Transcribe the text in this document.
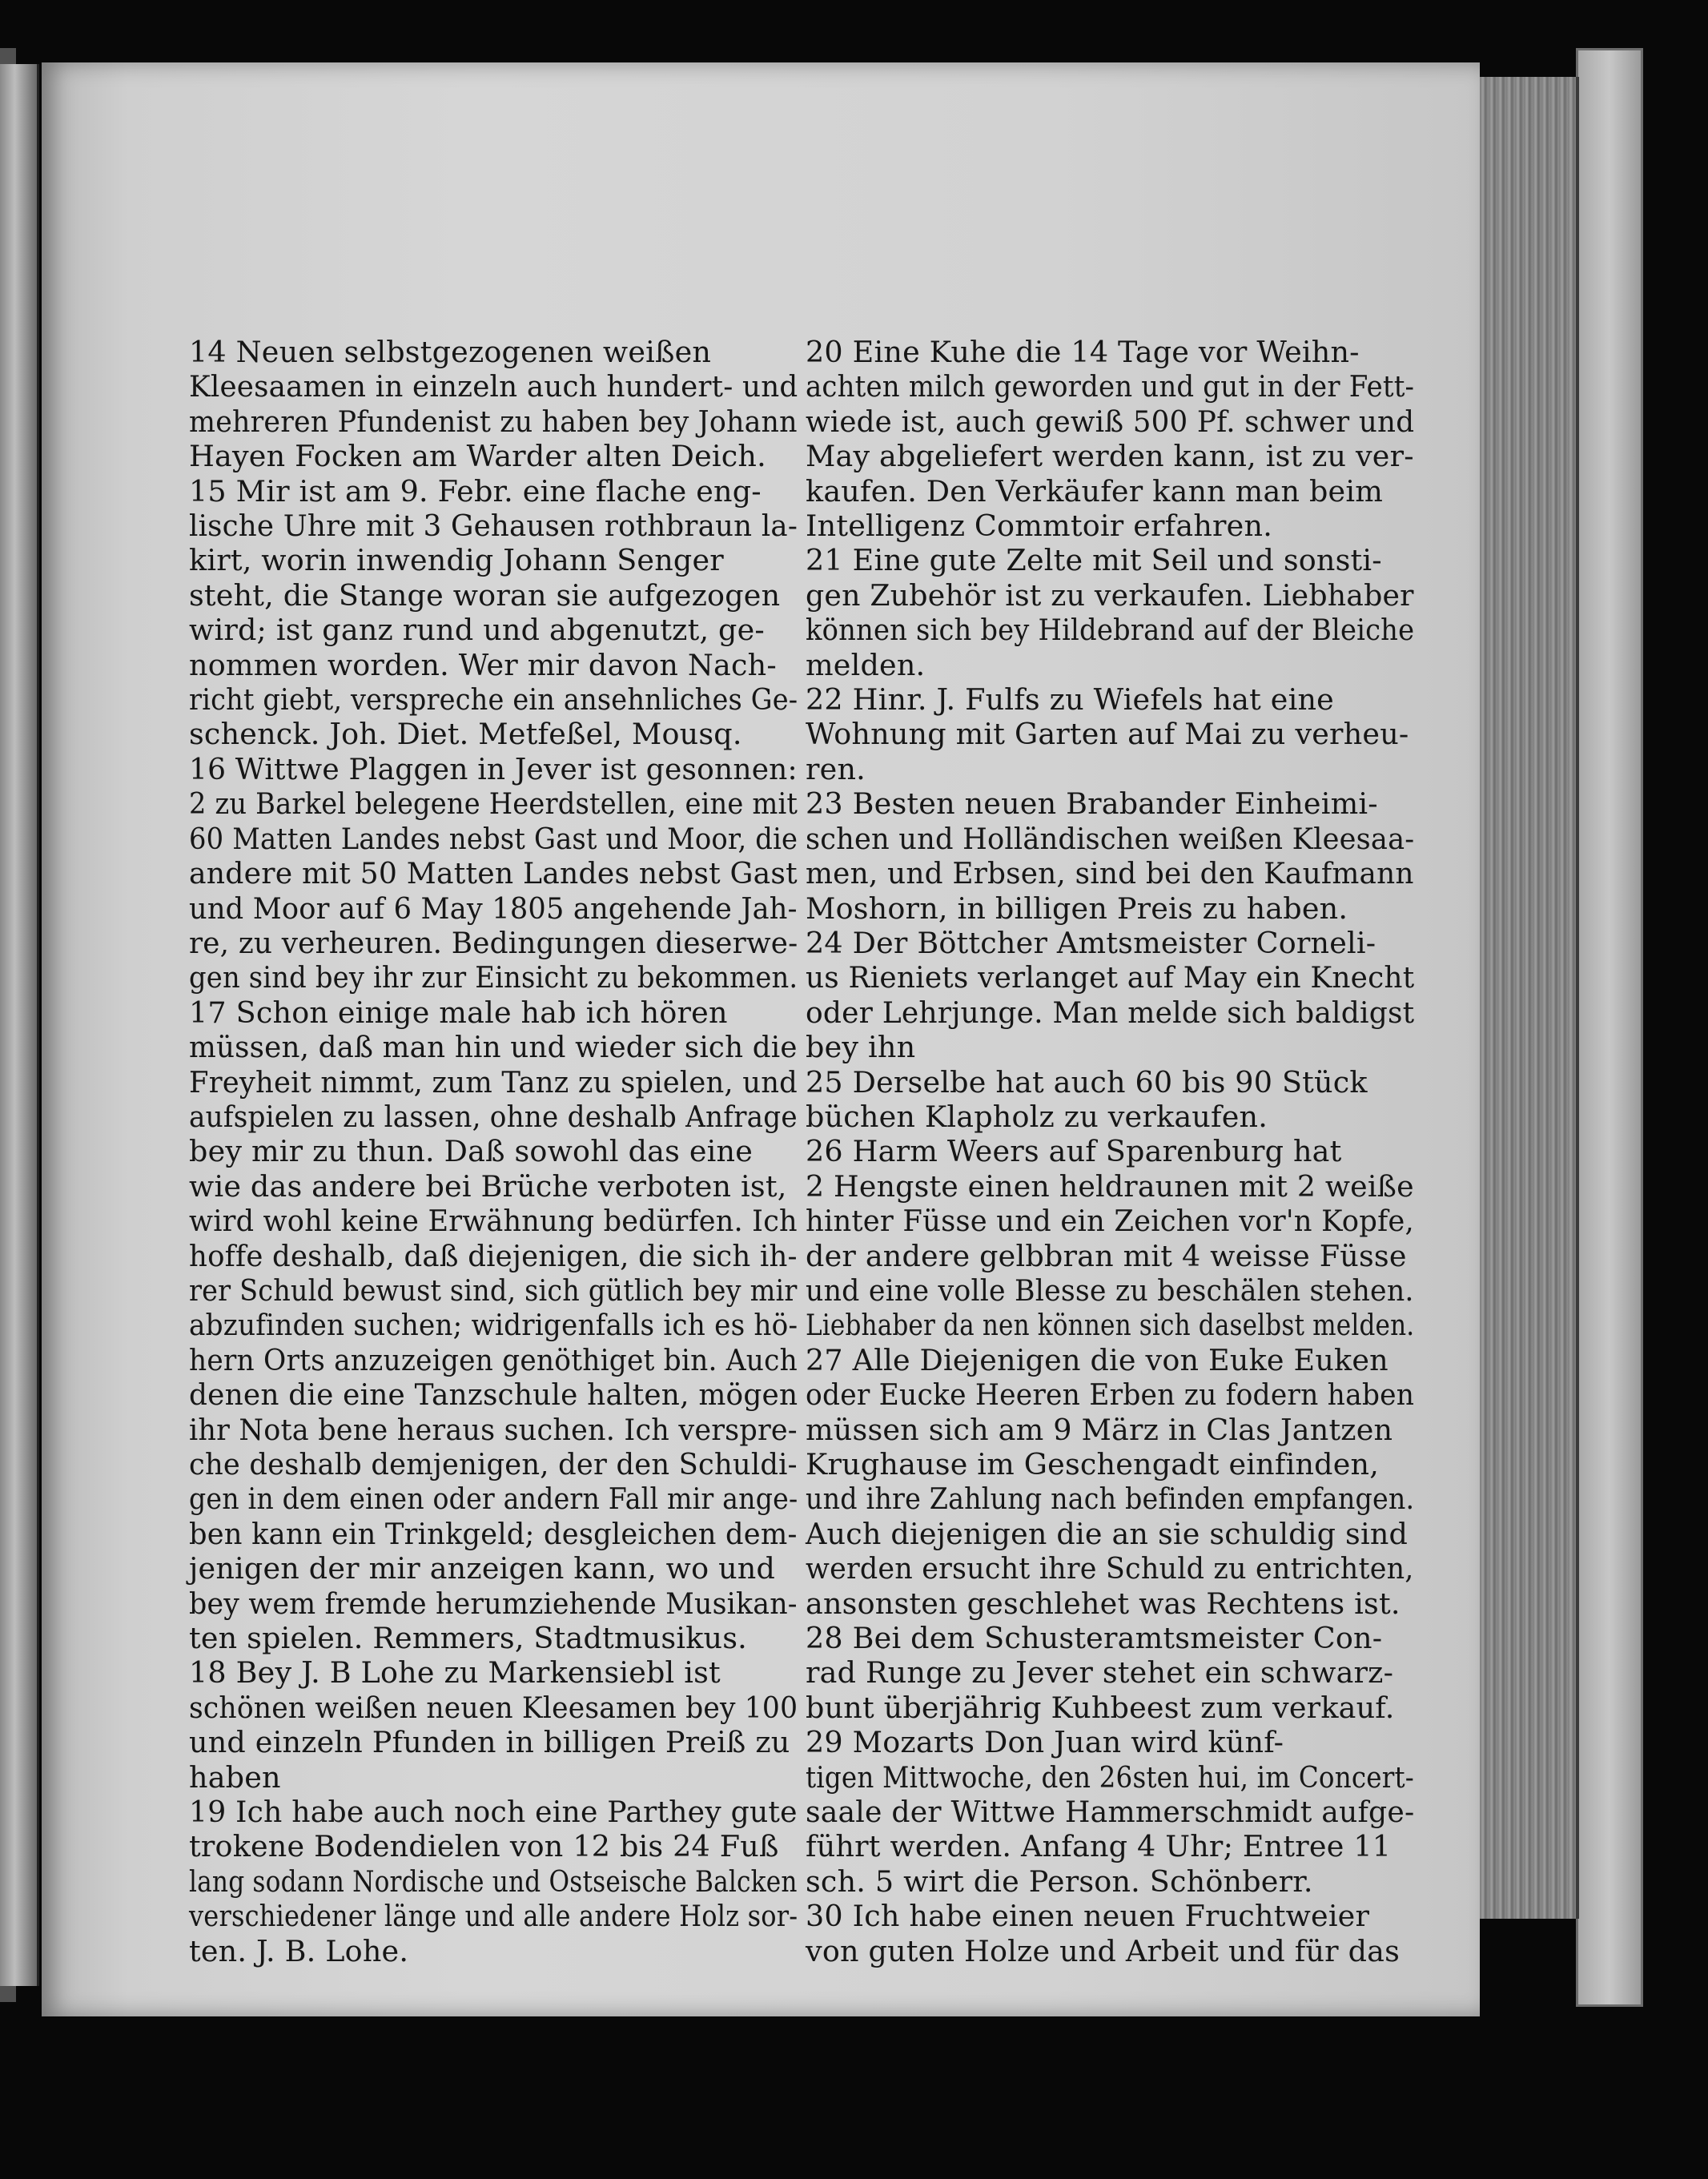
14 Neuen selbstgezogenen weißen
Kleesaamen in einzeln auch hundert- und
mehreren Pfundenist zu haben bey Johann
Hayen Focken am Warder alten Deich.
15 Mir ist am 9. Febr. eine flache eng-
lische Uhre mit 3 Gehausen rothbraun la-
kirt, worin inwendig Johann Senger
steht, die Stange woran sie aufgezogen
wird; ist ganz rund und abgenutzt, ge-
nommen worden. Wer mir davon Nach-
richt giebt, verspreche ein ansehnliches Ge-
schenck. Joh. Diet. Metfeßel, Mousq.
16 Wittwe Plaggen in Jever ist gesonnen:
2 zu Barkel belegene Heerdstellen, eine mit
60 Matten Landes nebst Gast und Moor, die
andere mit 50 Matten Landes nebst Gast
und Moor auf 6 May 1805 angehende Jah-
re, zu verheuren. Bedingungen dieserwe-
gen sind bey ihr zur Einsicht zu bekommen.
17 Schon einige male hab ich hören
müssen, daß man hin und wieder sich die
Freyheit nimmt, zum Tanz zu spielen, und
aufspielen zu lassen, ohne deshalb Anfrage
bey mir zu thun. Daß sowohl das eine
wie das andere bei Brüche verboten ist,
wird wohl keine Erwähnung bedürfen. Ich
hoffe deshalb, daß diejenigen, die sich ih-
rer Schuld bewust sind, sich gütlich bey mir
abzufinden suchen; widrigenfalls ich es hö-
hern Orts anzuzeigen genöthiget bin. Auch
denen die eine Tanzschule halten, mögen
ihr Nota bene heraus suchen. Ich verspre-
che deshalb demjenigen, der den Schuldi-
gen in dem einen oder andern Fall mir ange-
ben kann ein Trinkgeld; desgleichen dem-
jenigen der mir anzeigen kann, wo und
bey wem fremde herumziehende Musikan-
ten spielen. Remmers, Stadtmusikus.
18 Bey J. B Lohe zu Markensiebl ist
schönen weißen neuen Kleesamen bey 100
und einzeln Pfunden in billigen Preiß zu
haben
19 Ich habe auch noch eine Parthey gute
trokene Bodendielen von 12 bis 24 Fuß
lang sodann Nordische und Ostseische Balcken
verschiedener länge und alle andere Holz sor-
ten. J. B. Lohe.
20 Eine Kuhe die 14 Tage vor Weihn-
achten milch geworden und gut in der Fett-
wiede ist, auch gewiß 500 Pf. schwer und
May abgeliefert werden kann, ist zu ver-
kaufen. Den Verkäufer kann man beim
Intelligenz Commtoir erfahren.
21 Eine gute Zelte mit Seil und sonsti-
gen Zubehör ist zu verkaufen. Liebhaber
können sich bey Hildebrand auf der Bleiche
melden.
22 Hinr. J. Fulfs zu Wiefels hat eine
Wohnung mit Garten auf Mai zu verheu-
ren.
23 Besten neuen Brabander Einheimi-
schen und Holländischen weißen Kleesaa-
men, und Erbsen, sind bei den Kaufmann
Moshorn, in billigen Preis zu haben.
24 Der Böttcher Amtsmeister Corneli-
us Rieniets verlanget auf May ein Knecht
oder Lehrjunge. Man melde sich baldigst
bey ihn
25 Derselbe hat auch 60 bis 90 Stück
büchen Klapholz zu verkaufen.
26 Harm Weers auf Sparenburg hat
2 Hengste einen heldraunen mit 2 weiße
hinter Füsse und ein Zeichen vor'n Kopfe,
der andere gelbbran mit 4 weisse Füsse
und eine volle Blesse zu beschälen stehen.
Liebhaber da nen können sich daselbst melden.
27 Alle Diejenigen die von Euke Euken
oder Eucke Heeren Erben zu fodern haben
müssen sich am 9 März in Clas Jantzen
Krughause im Geschengadt einfinden,
und ihre Zahlung nach befinden empfangen.
Auch diejenigen die an sie schuldig sind
werden ersucht ihre Schuld zu entrichten,
ansonsten geschlehet was Rechtens ist.
28 Bei dem Schusteramtsmeister Con-
rad Runge zu Jever stehet ein schwarz-
bunt überjährig Kuhbeest zum verkauf.
29 Mozarts Don Juan wird künf-
tigen Mittwoche, den 26sten hui, im Concert-
saale der Wittwe Hammerschmidt aufge-
führt werden. Anfang 4 Uhr; Entree 11
sch. 5 wirt die Person. Schönberr.
30 Ich habe einen neuen Fruchtweier
von guten Holze und Arbeit und für das
